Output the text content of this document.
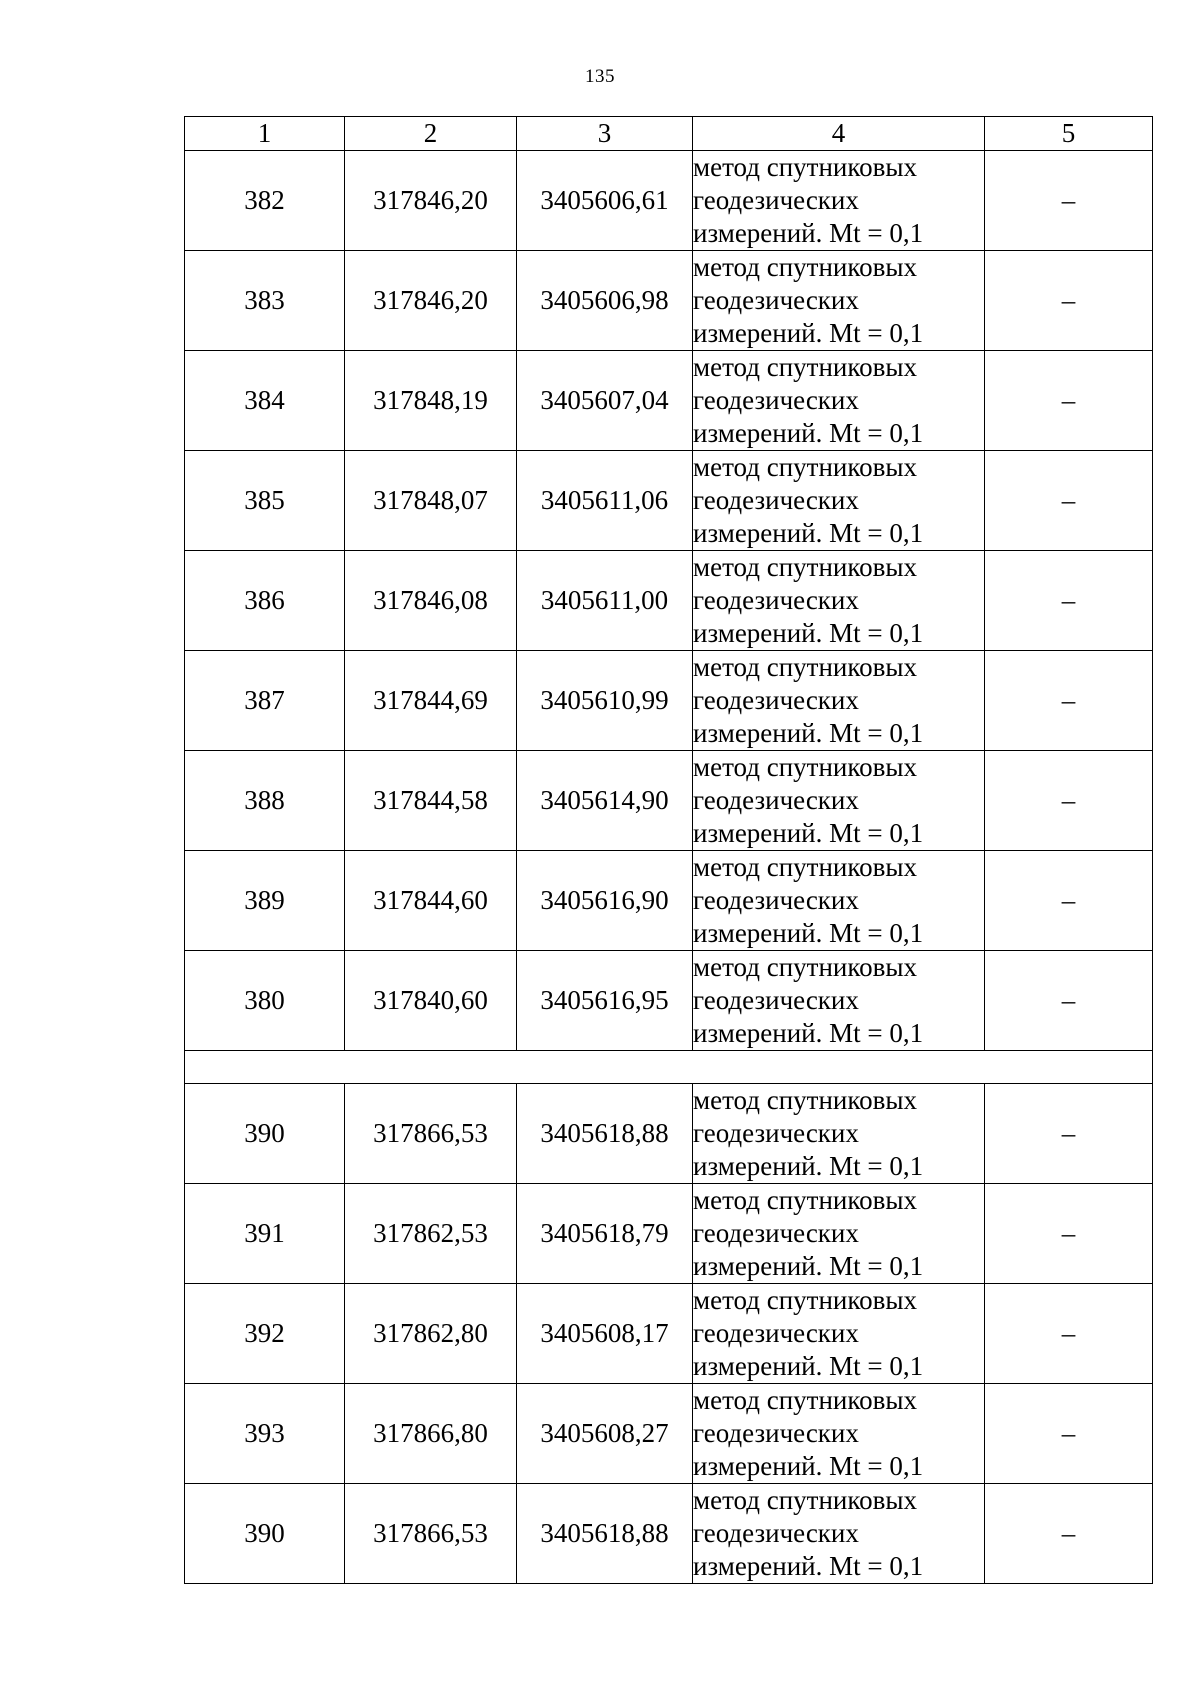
135
1	2	3	4	5
382	317846,20	3405606,61	метод спутниковых
геодезических
измерений. Mt = 0,1	–
383	317846,20	3405606,98	метод спутниковых
геодезических
измерений. Mt = 0,1	–
384	317848,19	3405607,04	метод спутниковых
геодезических
измерений. Mt = 0,1	–
385	317848,07	3405611,06	метод спутниковых
геодезических
измерений. Mt = 0,1	–
386	317846,08	3405611,00	метод спутниковых
геодезических
измерений. Mt = 0,1	–
387	317844,69	3405610,99	метод спутниковых
геодезических
измерений. Mt = 0,1	–
388	317844,58	3405614,90	метод спутниковых
геодезических
измерений. Mt = 0,1	–
389	317844,60	3405616,90	метод спутниковых
геодезических
измерений. Mt = 0,1	–
380	317840,60	3405616,95	метод спутниковых
геодезических
измерений. Mt = 0,1	–

390	317866,53	3405618,88	метод спутниковых
геодезических
измерений. Mt = 0,1	–
391	317862,53	3405618,79	метод спутниковых
геодезических
измерений. Mt = 0,1	–
392	317862,80	3405608,17	метод спутниковых
геодезических
измерений. Mt = 0,1	–
393	317866,80	3405608,27	метод спутниковых
геодезических
измерений. Mt = 0,1	–
390	317866,53	3405618,88	метод спутниковых
геодезических
измерений. Mt = 0,1	–
